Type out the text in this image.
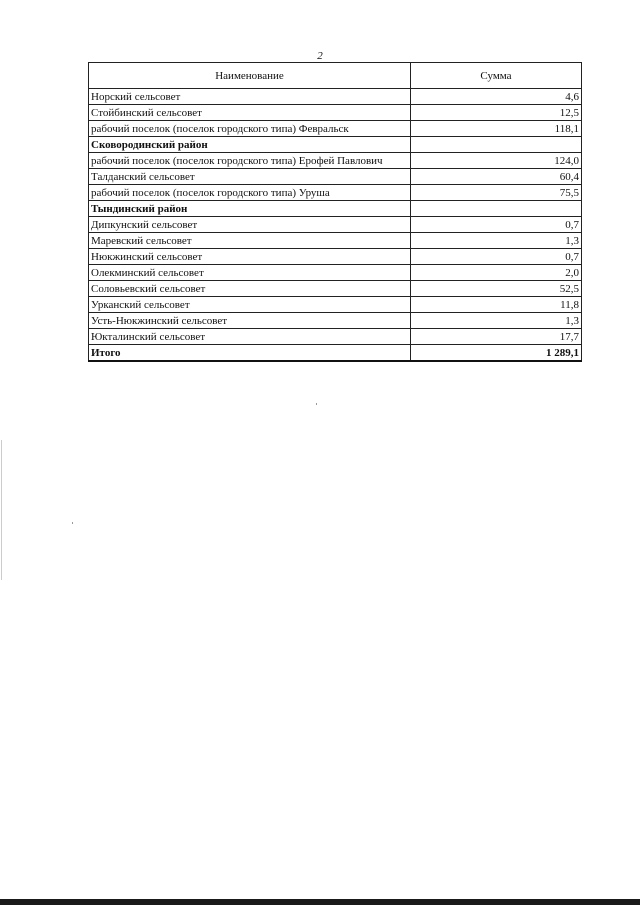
2
Наименование	Сумма
Норский сельсовет	4,6
Стойбинский сельсовет	12,5
рабочий поселок (поселок городского типа) Февральск	118,1
Сковородинский район	
рабочий поселок (поселок городского типа) Ерофей Павлович	124,0
Талданский сельсовет	60,4
рабочий поселок (поселок городского типа) Уруша	75,5
Тындинский район	
Дипкунский сельсовет	0,7
Маревский сельсовет	1,3
Нюкжинский сельсовет	0,7
Олекминский сельсовет	2,0
Соловьевский сельсовет	52,5
Урканский сельсовет	11,8
Усть-Нюкжинский сельсовет	1,3
Юкталинский сельсовет	17,7
Итого	1 289,1
